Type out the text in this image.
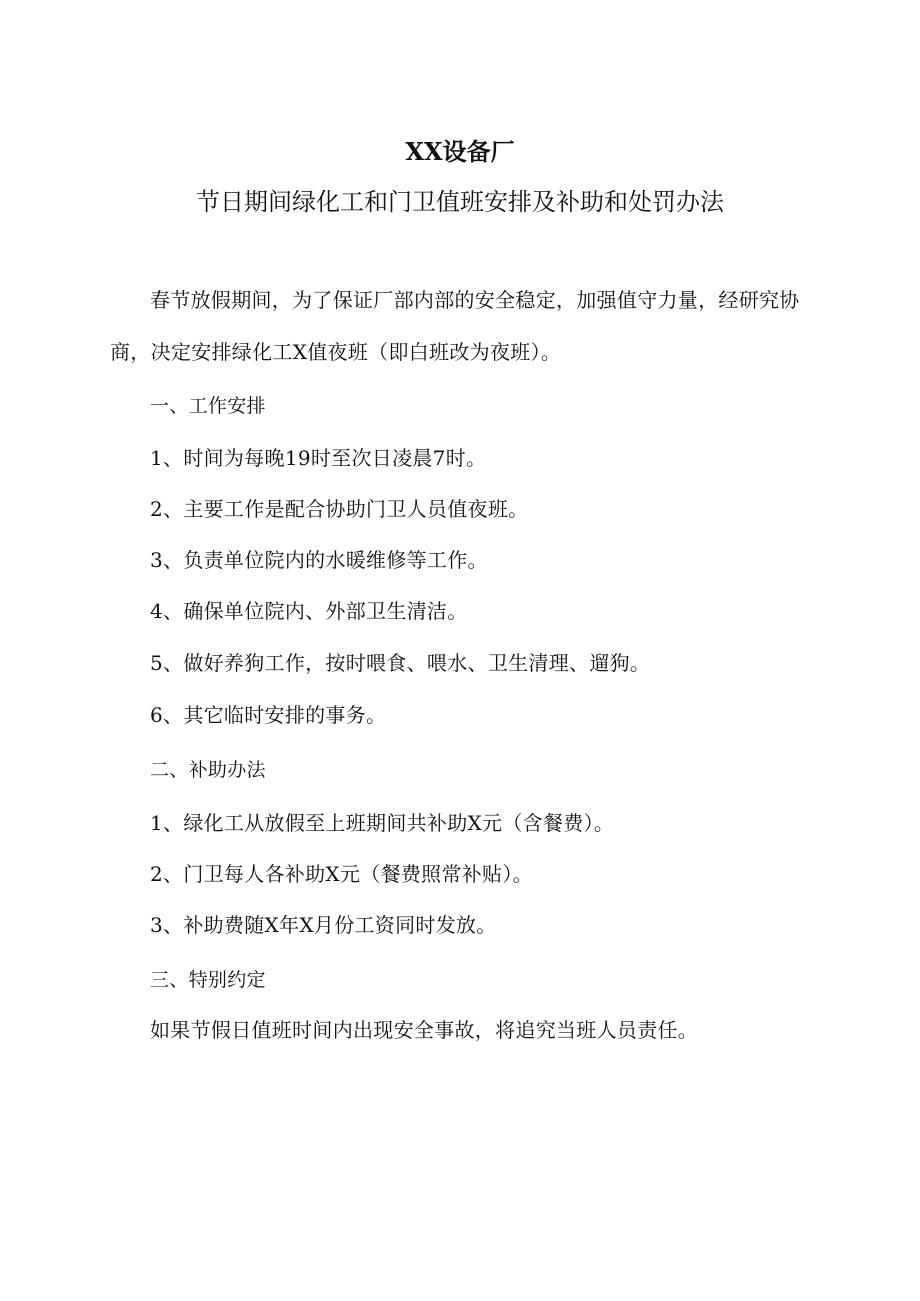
XX设备厂
节日期间绿化工和门卫值班安排及补助和处罚办法

春节放假期间，为了保证厂部内部的安全稳定，加强值守力量，经研究协商，决定安排绿化工X值夜班（即白班改为夜班）。

一、工作安排

1、时间为每晚19时至次日凌晨7时。

2、主要工作是配合协助门卫人员值夜班。

3、负责单位院内的水暖维修等工作。

4、确保单位院内、外部卫生清洁。

5、做好养狗工作，按时喂食、喂水、卫生清理、遛狗。

6、其它临时安排的事务。

二、补助办法

1、绿化工从放假至上班期间共补助X元（含餐费）。

2、门卫每人各补助X元（餐费照常补贴）。

3、补助费随X年X月份工资同时发放。

三、特别约定

如果节假日值班时间内出现安全事故，将追究当班人员责任。
